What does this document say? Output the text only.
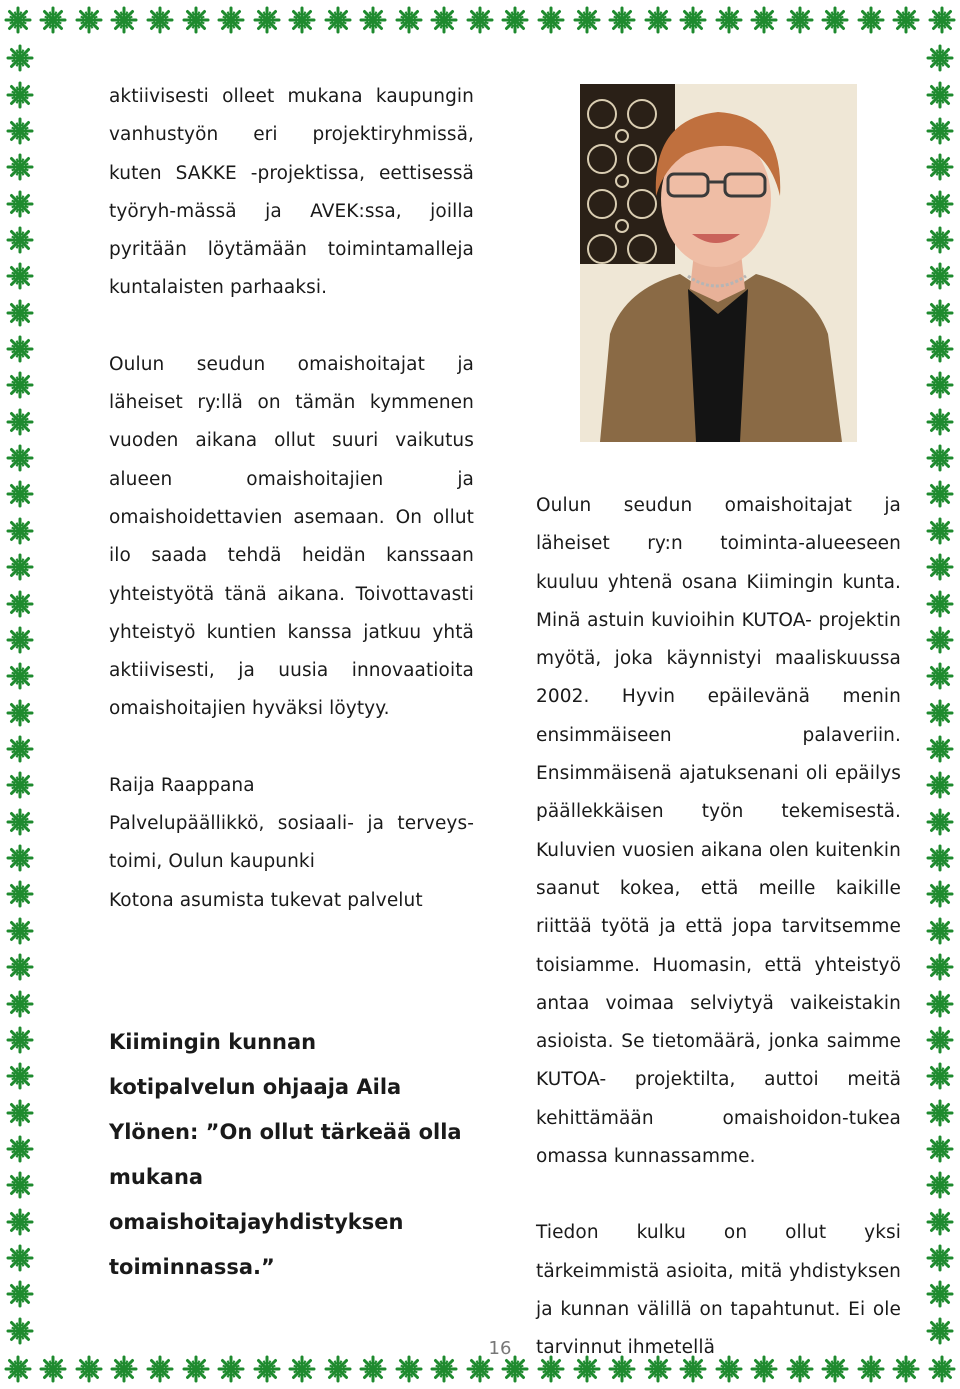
aktiivisesti olleet mukana kaupungin vanhustyön eri projektiryhmissä, kuten SAKKE -projektissa, eettisessä työryh-mässä ja AVEK:ssa, joilla pyritään löytämään toimintamalleja kuntalaisten parhaaksi.

Oulun seudun omaishoitajat ja läheiset ry:llä on tämän kymmenen vuoden aikana ollut suuri vaikutus alueen omaishoitajien ja omaishoidettavien asemaan. On ollut ilo saada tehdä heidän kanssaan yhteistyötä tänä aikana. Toivottavasti yhteistyö kuntien kanssa jatkuu yhtä aktiivisesti, ja uusia innovaatioita omaishoitajien hyväksi löytyy.

Raija Raappana

Palvelupäällikkö, sosiaali- ja terveys-toimi, Oulun kaupunki

Kotona asumista tukevat palvelut

Kiimingin kunnan kotipalvelun ohjaaja Aila Ylönen: ”On ollut tärkeää olla mukana omaishoitajayhdistyksen toiminnassa.”

Oulun seudun omaishoitajat ja läheiset ry:n toiminta-alueeseen kuuluu yhtenä osana Kiimingin kunta. Minä astuin kuvioihin KUTOA- projektin myötä, joka käynnistyi maaliskuussa 2002. Hyvin epäilevänä menin ensimmäiseen palaveriin. Ensimmäisenä ajatuksenani oli epäilys päällekkäisen työn tekemisestä. Kuluvien vuosien aikana olen kuitenkin saanut kokea, että meille kaikille riittää työtä ja että jopa tarvitsemme toisiamme. Huomasin, että yhteistyö antaa voimaa selviytyä vaikeistakin asioista. Se tietomäärä, jonka saimme KUTOA- projektilta, auttoi meitä kehittämään omaishoidon-tukea omassa kunnassamme.

Tiedon kulku on ollut yksi tärkeimmistä asioita, mitä yhdistyksen ja kunnan välillä on tapahtunut. Ei ole tarvinnut ihmetellä

16
